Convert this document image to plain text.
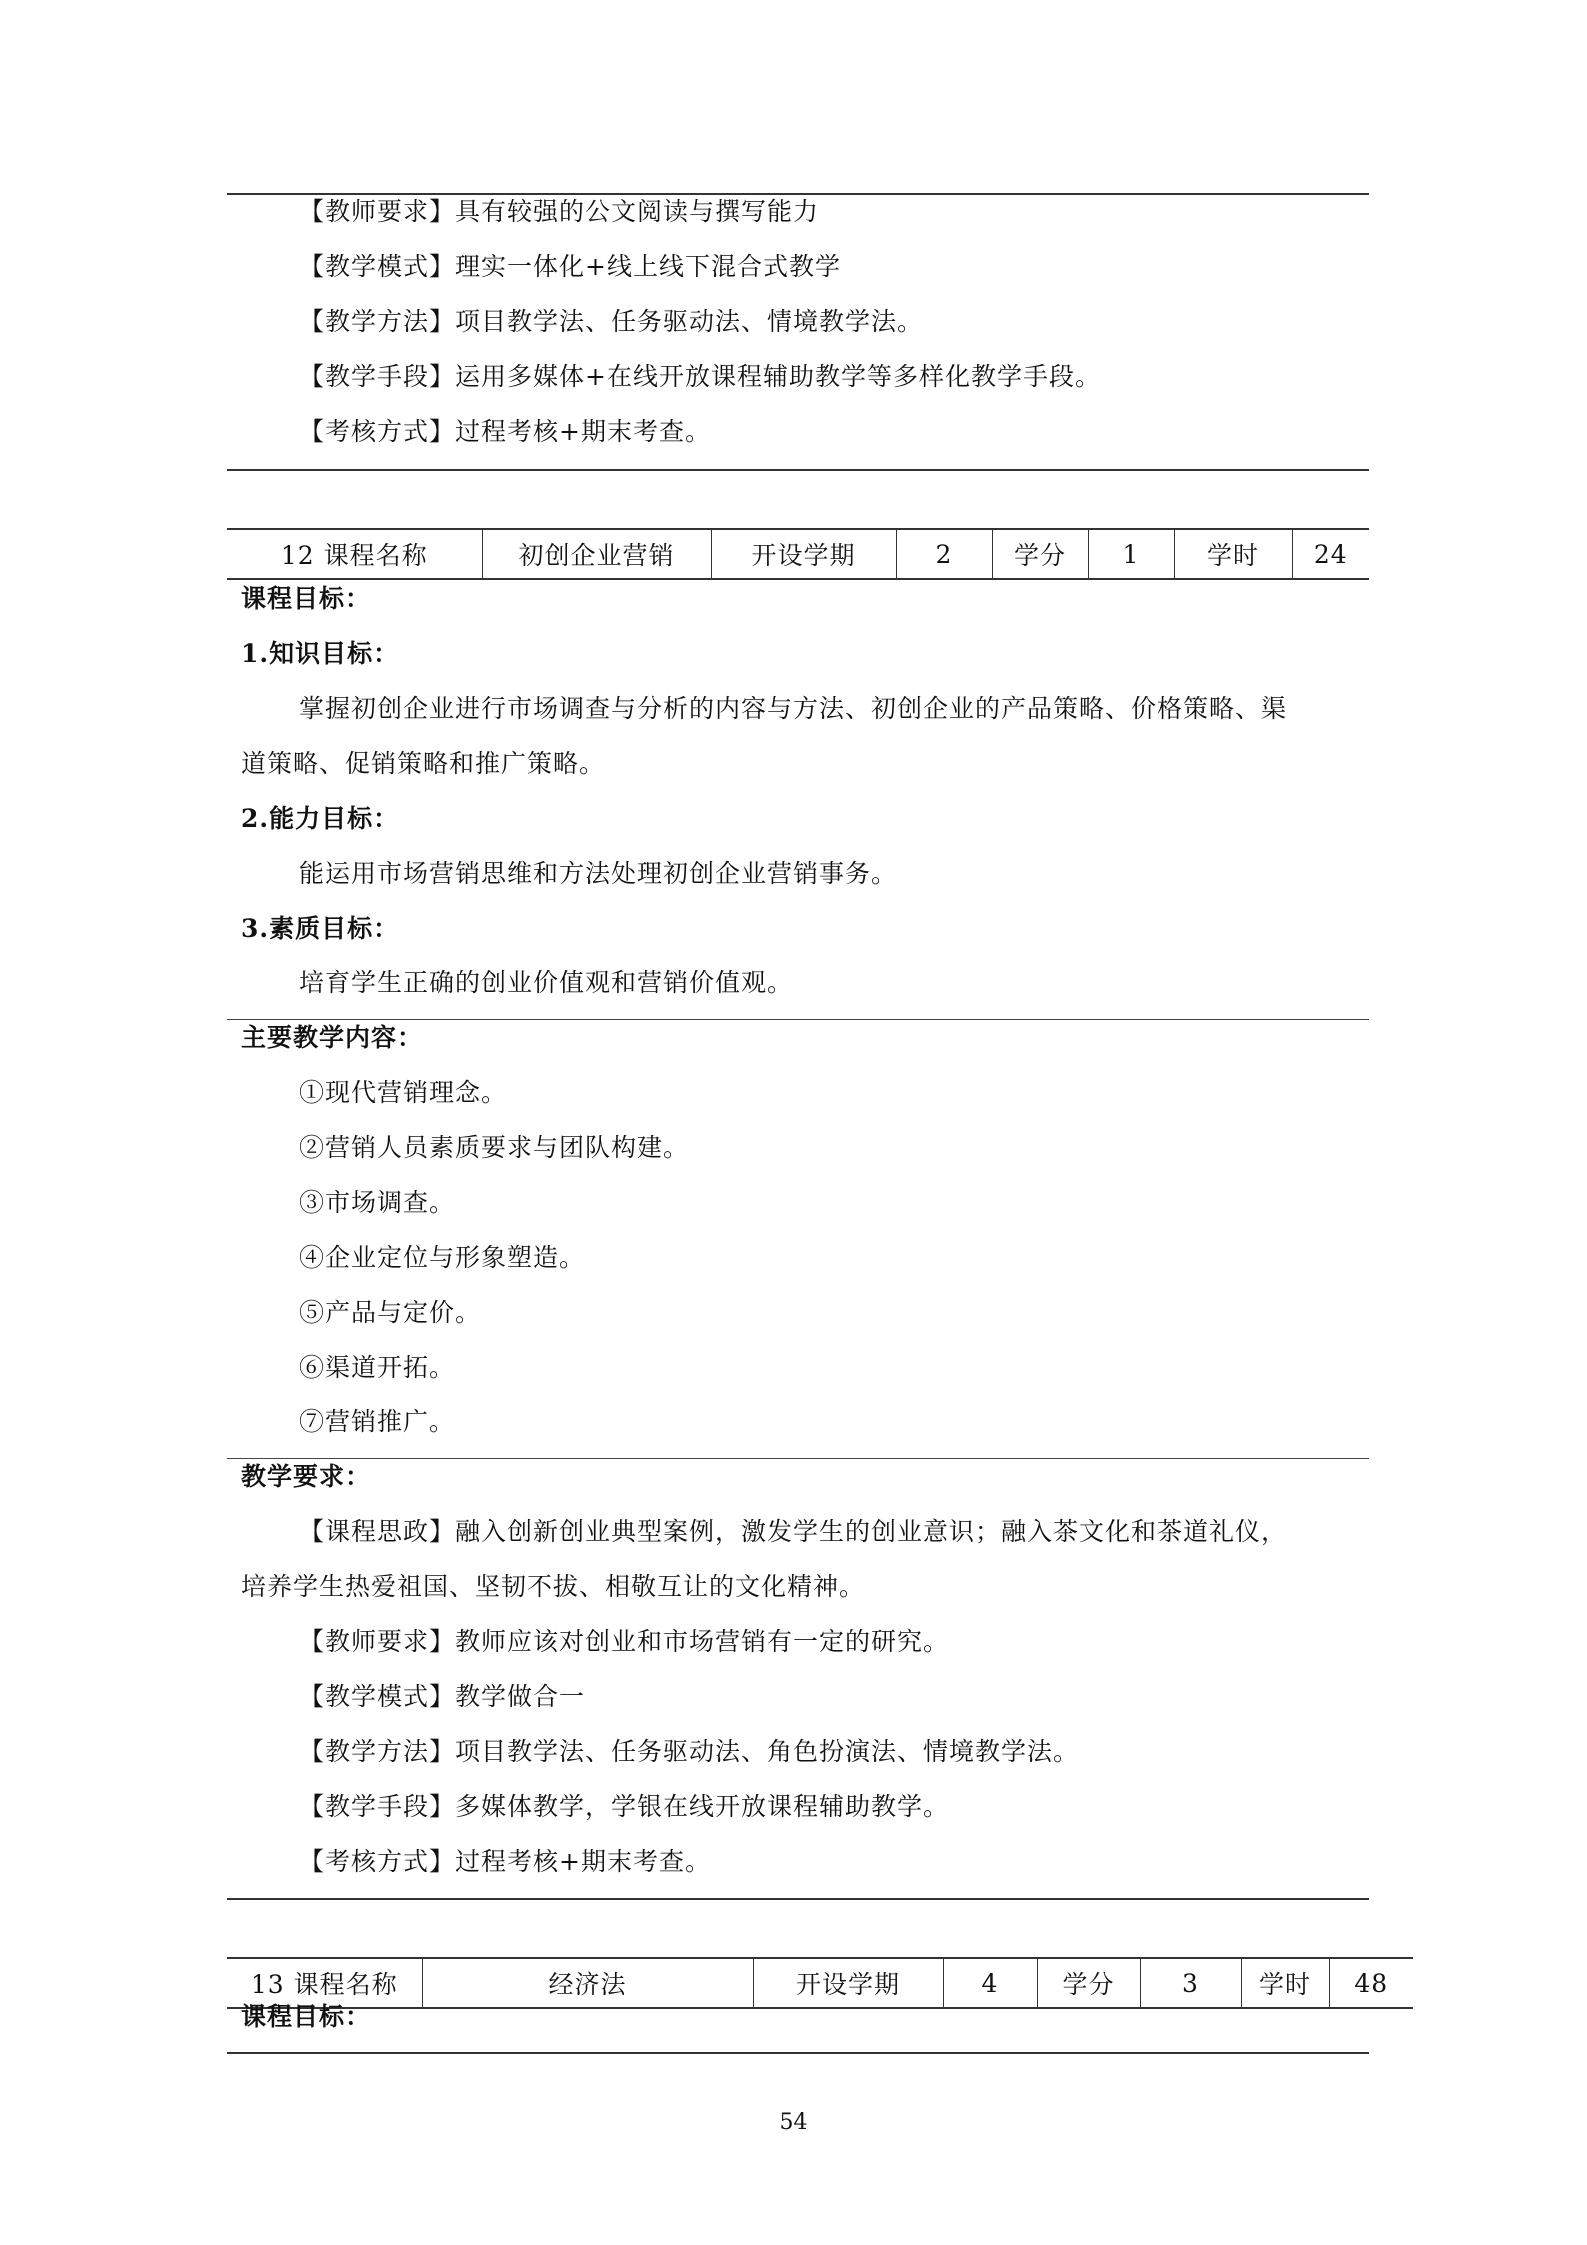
【教师要求】具有较强的公文阅读与撰写能力
【教学模式】理实一体化+线上线下混合式教学
【教学方法】项目教学法、任务驱动法、情境教学法。
【教学手段】运用多媒体+在线开放课程辅助教学等多样化教学手段。
【考核方式】过程考核+期末考查。
12 课程名称	初创企业营销	开设学期	2	学分	1	学时	24
课程目标：
1.知识目标：
掌握初创企业进行市场调查与分析的内容与方法、初创企业的产品策略、价格策略、渠
道策略、促销策略和推广策略。
2.能力目标：
能运用市场营销思维和方法处理初创企业营销事务。
3.素质目标：
培育学生正确的创业价值观和营销价值观。
主要教学内容：
①现代营销理念。
②营销人员素质要求与团队构建。
③市场调查。
④企业定位与形象塑造。
⑤产品与定价。
⑥渠道开拓。
⑦营销推广。
教学要求：
【课程思政】融入创新创业典型案例，激发学生的创业意识；融入茶文化和茶道礼仪，
培养学生热爱祖国、坚韧不拔、相敬互让的文化精神。
【教师要求】教师应该对创业和市场营销有一定的研究。
【教学模式】教学做合一
【教学方法】项目教学法、任务驱动法、角色扮演法、情境教学法。
【教学手段】多媒体教学，学银在线开放课程辅助教学。
【考核方式】过程考核+期末考查。
13 课程名称	经济法	开设学期	4	学分	3	学时	48
课程目标：
54
